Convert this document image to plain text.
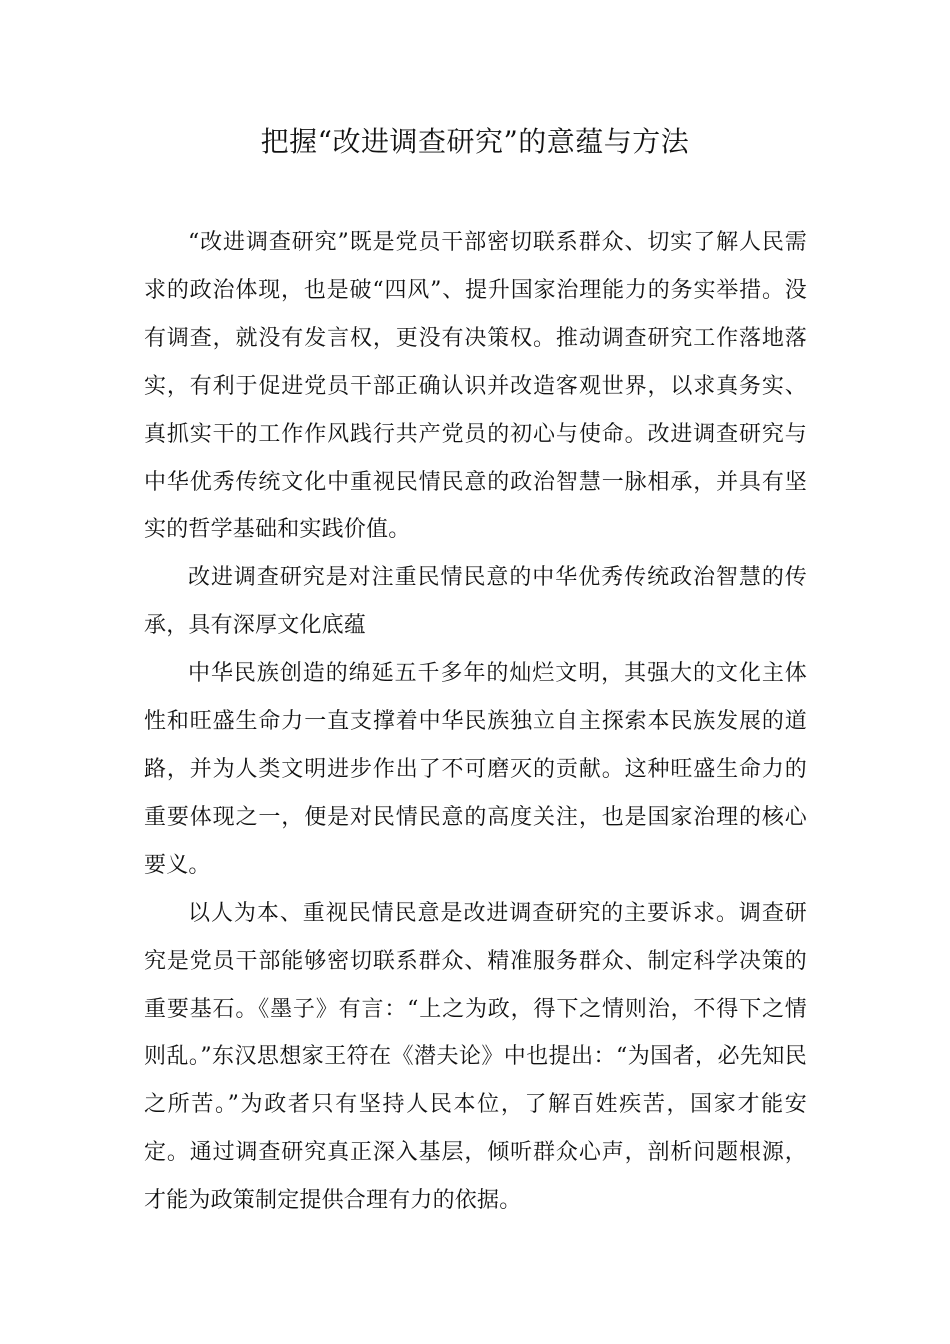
把握“改进调查研究”的意蕴与方法

“改进调查研究”既是党员干部密切联系群众、切实了解人民需求的政治体现，也是破“四风”、提升国家治理能力的务实举措。没有调查，就没有发言权，更没有决策权。推动调查研究工作落地落实，有利于促进党员干部正确认识并改造客观世界，以求真务实、真抓实干的工作作风践行共产党员的初心与使命。改进调查研究与中华优秀传统文化中重视民情民意的政治智慧一脉相承，并具有坚实的哲学基础和实践价值。

改进调查研究是对注重民情民意的中华优秀传统政治智慧的传承，具有深厚文化底蕴

中华民族创造的绵延五千多年的灿烂文明，其强大的文化主体性和旺盛生命力一直支撑着中华民族独立自主探索本民族发展的道路，并为人类文明进步作出了不可磨灭的贡献。这种旺盛生命力的重要体现之一，便是对民情民意的高度关注，也是国家治理的核心要义。

以人为本、重视民情民意是改进调查研究的主要诉求。调查研究是党员干部能够密切联系群众、精准服务群众、制定科学决策的重要基石。《墨子》有言：“上之为政，得下之情则治，不得下之情则乱。”东汉思想家王符在《潜夫论》中也提出：“为国者，必先知民之所苦。”为政者只有坚持人民本位，了解百姓疾苦，国家才能安定。通过调查研究真正深入基层，倾听群众心声，剖析问题根源，才能为政策制定提供合理有力的依据。
